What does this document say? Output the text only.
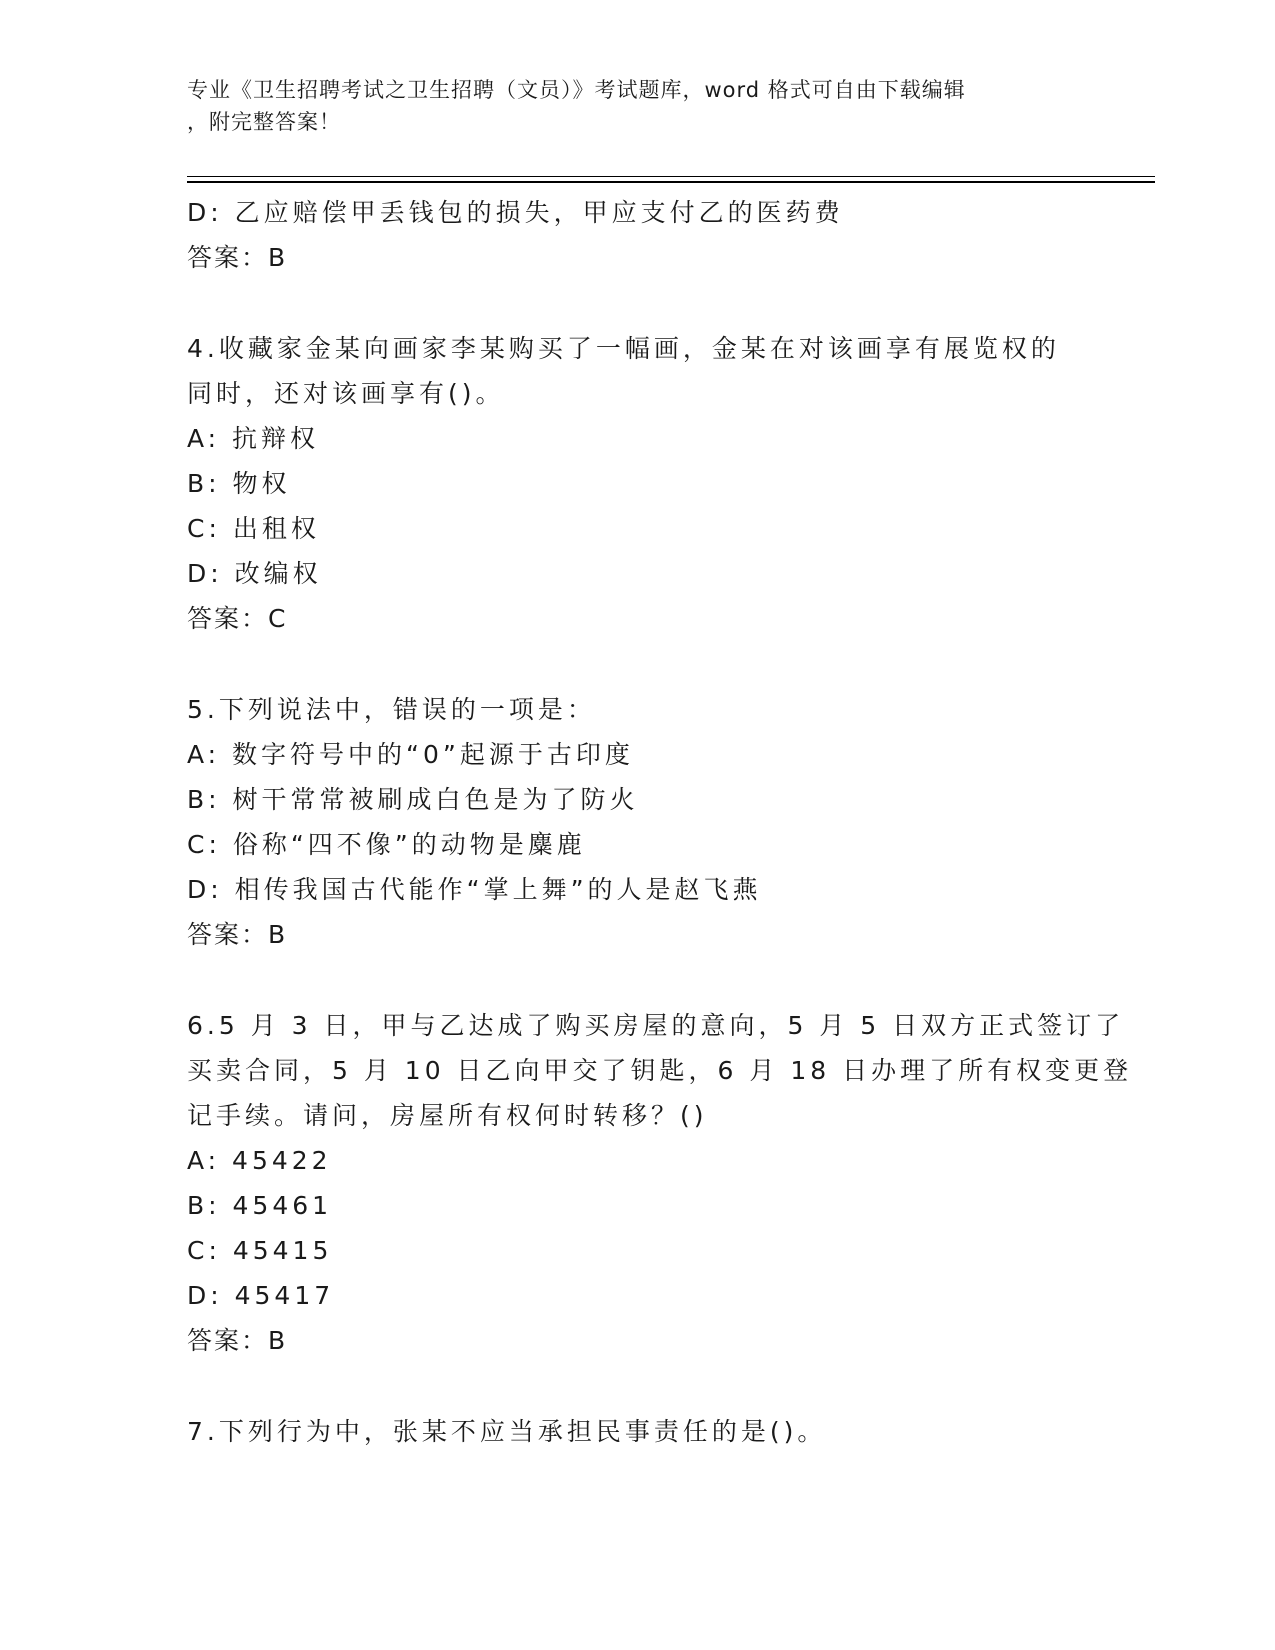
专业《卫生招聘考试之卫生招聘（文员）》考试题库，word 格式可自由下载编辑
，附完整答案！
D: 乙应赔偿甲丢钱包的损失，甲应支付乙的医药费
答案：B
4.收藏家金某向画家李某购买了一幅画，金某在对该画享有展览权的
同时，还对该画享有()。
A: 抗辩权
B: 物权
C: 出租权
D: 改编权
答案：C
5.下列说法中，错误的一项是：
A: 数字符号中的“0”起源于古印度
B: 树干常常被刷成白色是为了防火
C: 俗称“四不像”的动物是麋鹿
D: 相传我国古代能作“掌上舞”的人是赵飞燕
答案：B
6.5 月 3 日，甲与乙达成了购买房屋的意向，5 月 5 日双方正式签订了
买卖合同，5 月 10 日乙向甲交了钥匙，6 月 18 日办理了所有权变更登
记手续。请问，房屋所有权何时转移？()
A: 45422
B: 45461
C: 45415
D: 45417
答案：B
7.下列行为中，张某不应当承担民事责任的是()。
